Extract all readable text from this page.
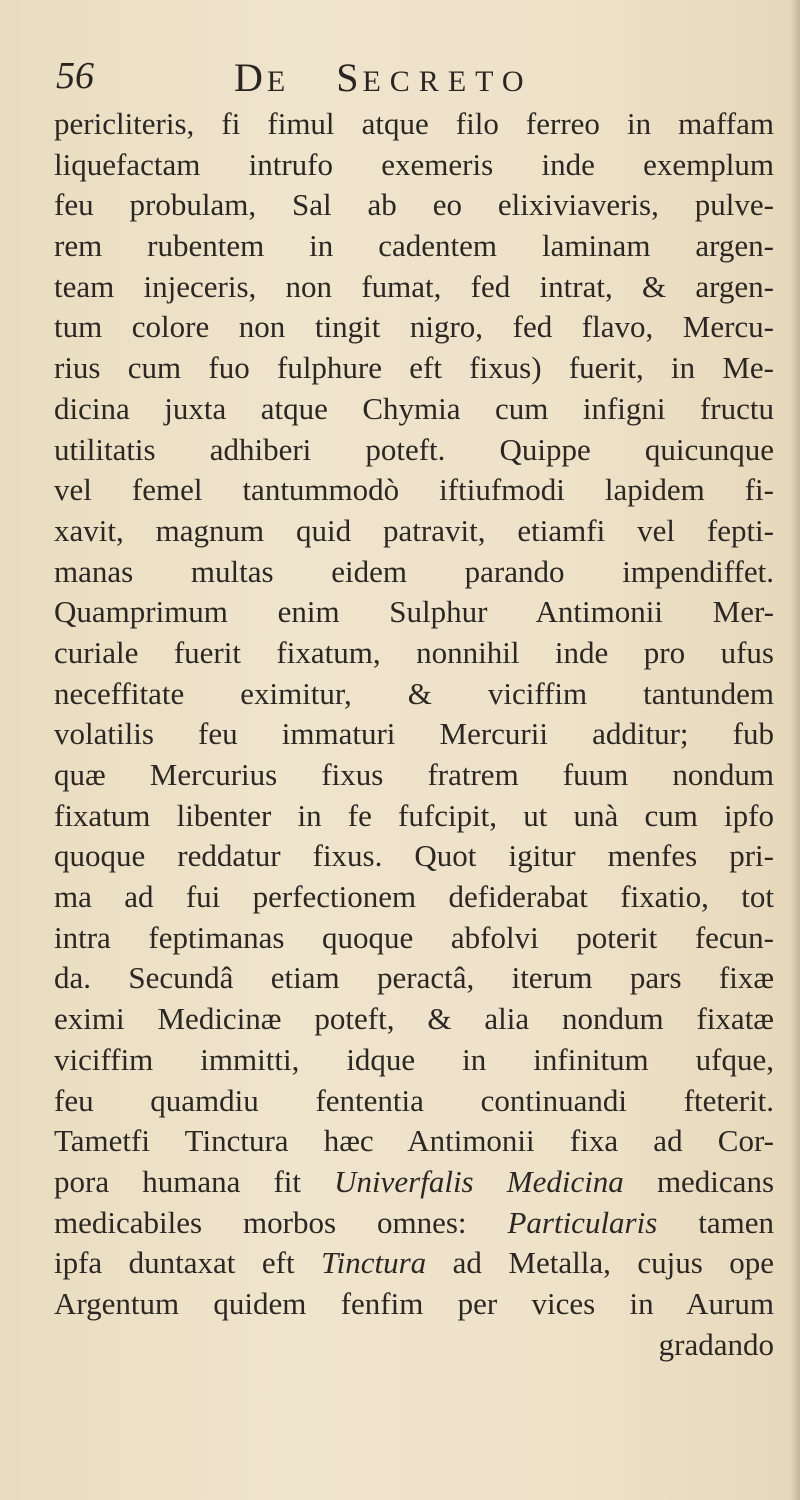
56	DE SECRETO
pericliteris, fi fimul atque filo ferreo in maffam
liquefactam intrufo exemeris inde exemplum
feu probulam, Sal ab eo elixiviaveris, pulve-
rem rubentem in cadentem laminam argen-
team injeceris, non fumat, fed intrat, & argen-
tum colore non tingit nigro, fed flavo, Mercu-
rius cum fuo fulphure eft fixus) fuerit, in Me-
dicina juxta atque Chymia cum infigni fructu
utilitatis adhiberi poteft. Quippe quicunque
vel femel tantummodò iftiufmodi lapidem fi-
xavit, magnum quid patravit, etiamfi vel fepti-
manas multas eidem parando impendiffet.
Quamprimum enim Sulphur Antimonii Mer-
curiale fuerit fixatum, nonnihil inde pro ufus
neceffitate eximitur, & viciffim tantundem
volatilis feu immaturi Mercurii additur; fub
quæ Mercurius fixus fratrem fuum nondum
fixatum libenter in fe fufcipit, ut unà cum ipfo
quoque reddatur fixus. Quot igitur menfes pri-
ma ad fui perfectionem defiderabat fixatio, tot
intra feptimanas quoque abfolvi poterit fecun-
da. Secundâ etiam peractâ, iterum pars fixæ
eximi Medicinæ poteft, & alia nondum fixatæ
viciffim immitti, idque in infinitum ufque,
feu quamdiu fententia continuandi fteterit.
Tametfi Tinctura hæc Antimonii fixa ad Cor-
pora humana fit Univerfalis Medicina medicans
medicabiles morbos omnes: Particularis tamen
ipfa duntaxat eft Tinctura ad Metalla, cujus ope
Argentum quidem fenfim per vices in Aurum
gradando
